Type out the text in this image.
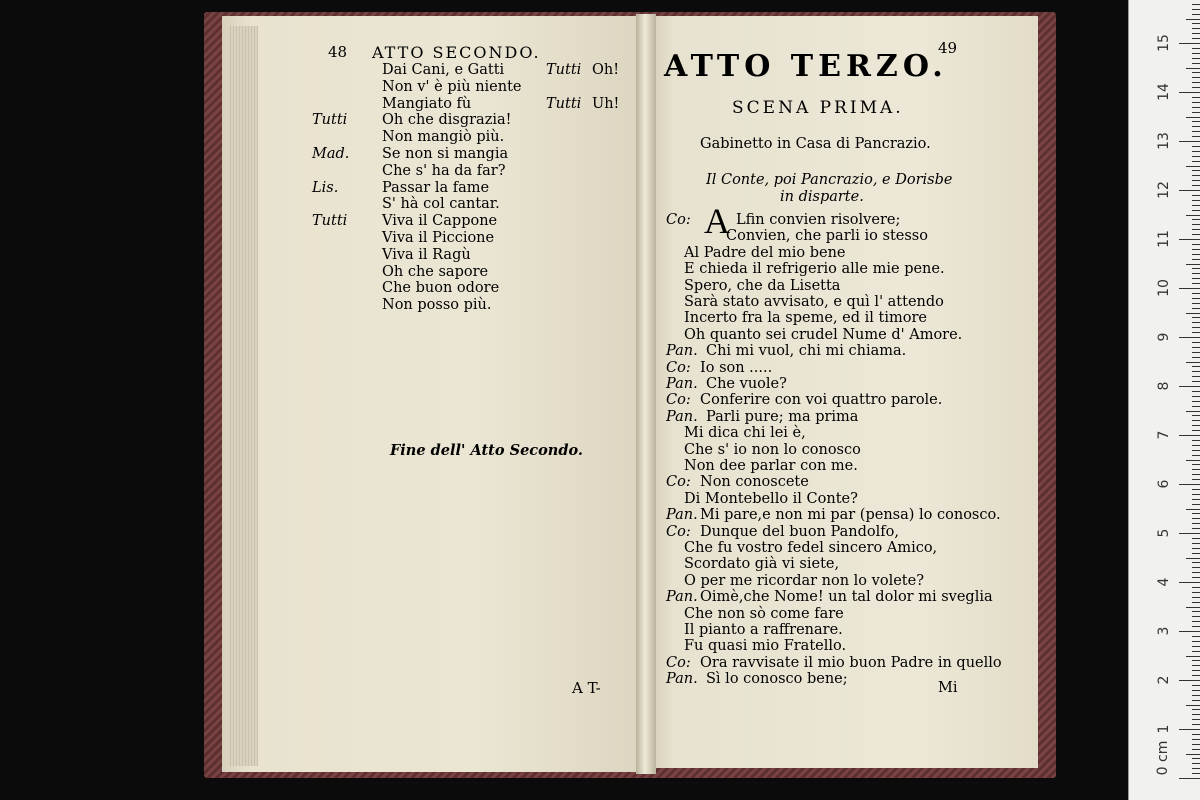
48 ATTO SECONDO.
Dai Cani, e Gatti	Tutti Oh!
Non v' è più niente
Mangiato fù	Tutti Uh!
Tutti Oh che disgrazia!
Non mangiò più.
Mad. Se non si mangia
Che s' ha da far?
Lis.	Passar la fame
S' hà col cantar.
Tutti Viva il Cappone
Viva il Piccione
Viva il Ragù
Oh che sapore
Che buon odore
Non posso più.
Fine dell' Atto Secondo.
A T-
49
ATTO TERZO.
SCENA PRIMA.
Gabinetto in Casa di Pancrazio.
Il Conte, poi Pancrazio, e Dorisbe
in disparte.
A
Co:	Lfin convien risolvere;
Convien, che parli io stesso
Al Padre del mio bene
E chieda il refrigerio alle mie pene.
Spero, che da Lisetta
Sarà stato avvisato, e quì l' attendo
Incerto fra la speme, ed il timore
Oh quanto sei crudel Nume d' Amore.
Pan. Chi mi vuol, chi mi chiama.
Co: Io son .....
Pan. Che vuole?
Co: Conferire con voi quattro parole.
Pan. Parli pure; ma prima
Mi dica chi lei è,
Che s' io non lo conosco
Non dee parlar con me.
Co: Non conoscete
Di Montebello il Conte?
Pan. Mi pare,e non mi par (pensa) lo conosco.
Co: Dunque del buon Pandolfo,
Che fu vostro fedel sincero Amico,
Scordato già vi siete,
O per me ricordar non lo volete?
Pan. Oimè,che Nome! un tal dolor mi sveglia
Che non sò come fare
Il pianto a raffrenare.
Fu quasi mio Fratello.
Co: Ora ravvisate il mio buon Padre in quello
Pan. Sì lo conosco bene;
Mi
0 cm
1
2
3
4
5
6
7
8
9
10
11
12
13
14
15
